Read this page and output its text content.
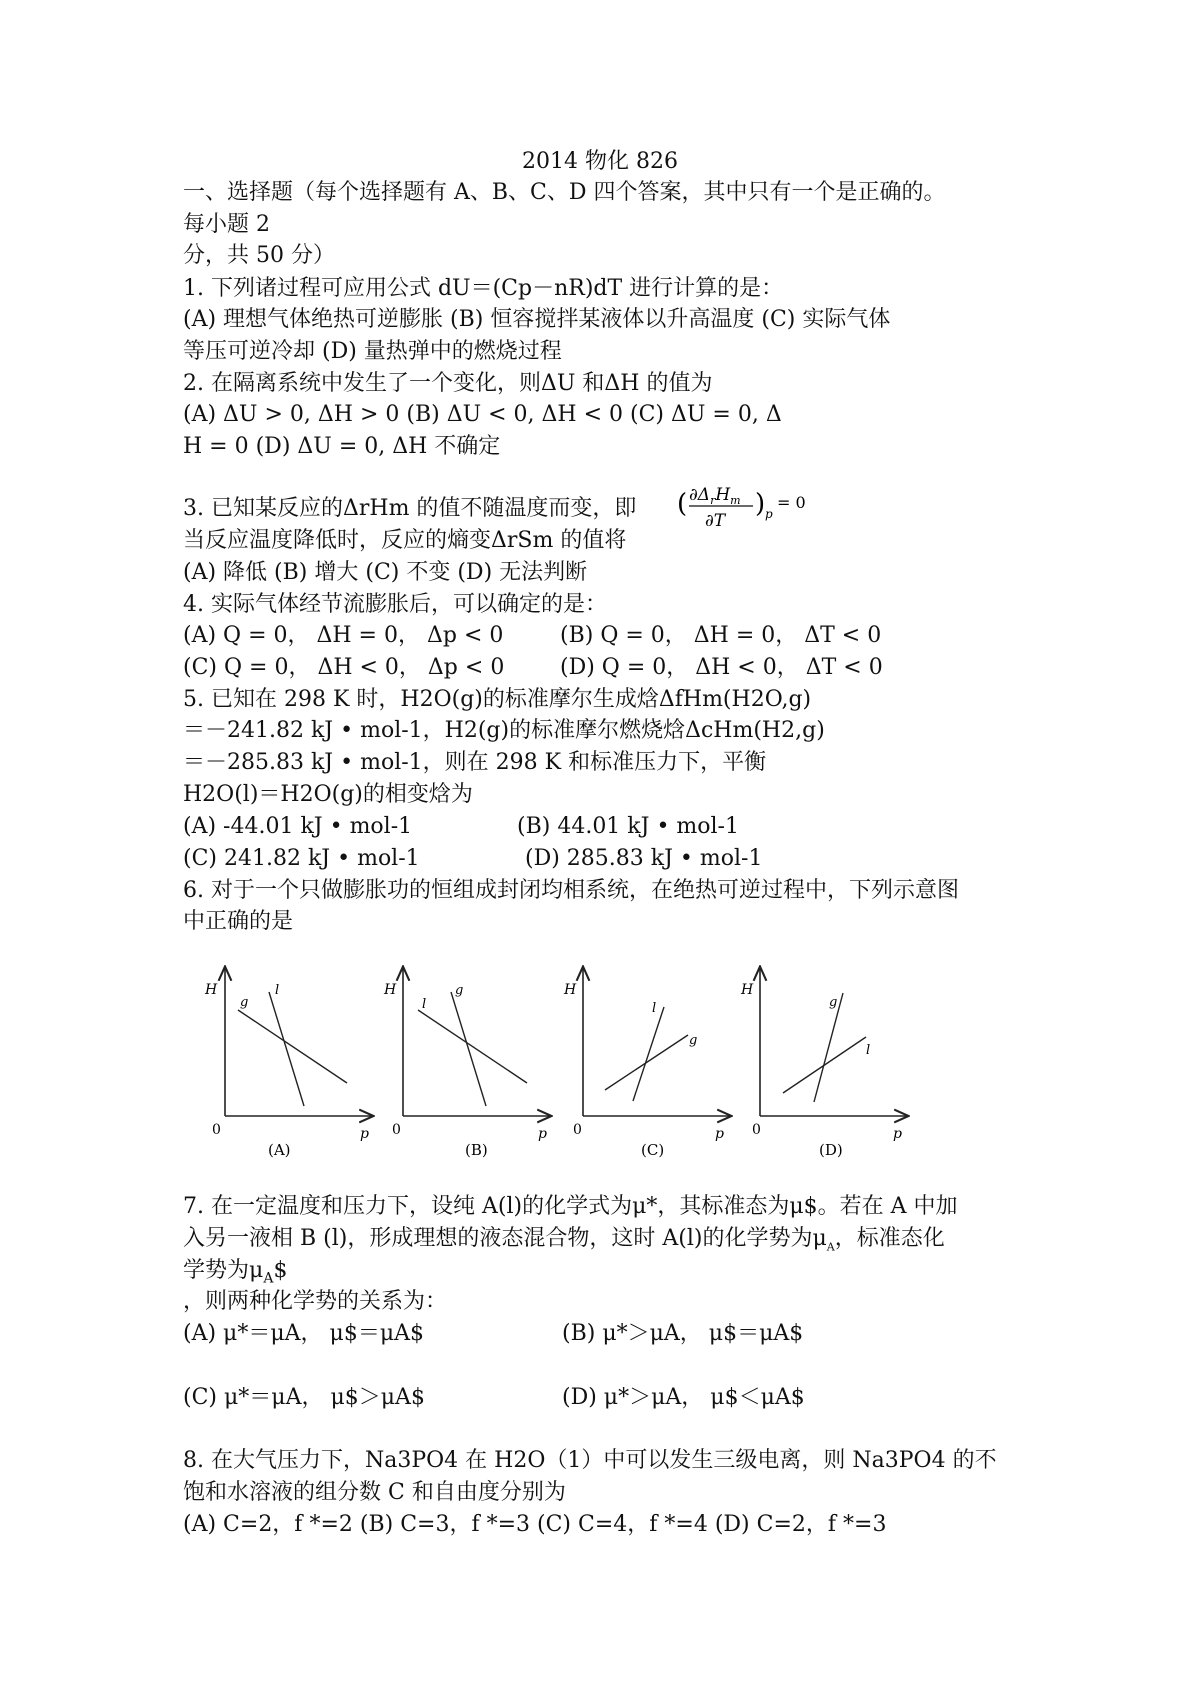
2014 物化 826
一、选择题（每个选择题有 A、B、C、D 四个答案，其中只有一个是正确的。
每小题 2
分，共 50 分）
1. 下列诸过程可应用公式 dU＝(Cp－nR)dT 进行计算的是：
(A) 理想气体绝热可逆膨胀 (B) 恒容搅拌某液体以升高温度 (C) 实际气体
等压可逆冷却 (D) 量热弹中的燃烧过程
2. 在隔离系统中发生了一个变化，则ΔU 和ΔH 的值为
(A) ΔU > 0, ΔH > 0 (B) ΔU < 0, ΔH < 0 (C) ΔU = 0, Δ
H = 0 (D) ΔU = 0, ΔH 不确定
3. 已知某反应的ΔrHm 的值不随温度而变，即 ( $\partial\Delta_rH_m$
∂T
) p
= 0
当反应温度降低时，反应的熵变ΔrSm 的值将
(A) 降低 (B) 增大 (C) 不变 (D) 无法判断
4. 实际气体经节流膨胀后，可以确定的是：
(A) Q = 0， ΔH = 0， Δp < 0	(B) Q = 0， ΔH = 0， ΔT < 0
(C) Q = 0， ΔH < 0， Δp < 0	(D) Q = 0， ΔH < 0， ΔT < 0
5. 已知在 298 K 时，H2O(g)的标准摩尔生成焓ΔfHm(H2O,g)
＝－241.82 kJ • mol-1，H2(g)的标准摩尔燃烧焓ΔcHm(H2,g)
＝－285.83 kJ • mol-1，则在 298 K 和标准压力下，平衡
H2O(l)＝H2O(g)的相变焓为
(A) -44.01 kJ • mol-1	(B) 44.01 kJ • mol-1
(C) 241.82 kJ • mol-1	(D) 285.83 kJ • mol-1
6. 对于一个只做膨胀功的恒组成封闭均相系统，在绝热可逆过程中，下列示意图
中正确的是
H
p
0
g
l
(A)
H
p
0
l
g
(B)
H
p
0
l
g
(C)
H
p
0
g
l
(D)
7. 在一定温度和压力下，设纯 A(l)的化学式为μ*，其标准态为μ$。若在 A 中加
入另一液相 B (l)，形成理想的液态混合物，这时 A(l)的化学势为$\mu_A$，标准态化
学势为$\mu_A\$$
，则两种化学势的关系为：
(A) μ*＝μA， μ$＝μA$	(B) μ*＞μA， μ$＝μA$
(C) μ*＝μA， μ$＞μA$	(D) μ*＞μA， μ$＜μA$
8. 在大气压力下，Na3PO4 在 H2O（1）中可以发生三级电离，则 Na3PO4 的不
饱和水溶液的组分数 C 和自由度分别为
(A) C=2，f *=2 (B) C=3，f *=3 (C) C=4，f *=4 (D) C=2，f *=3
